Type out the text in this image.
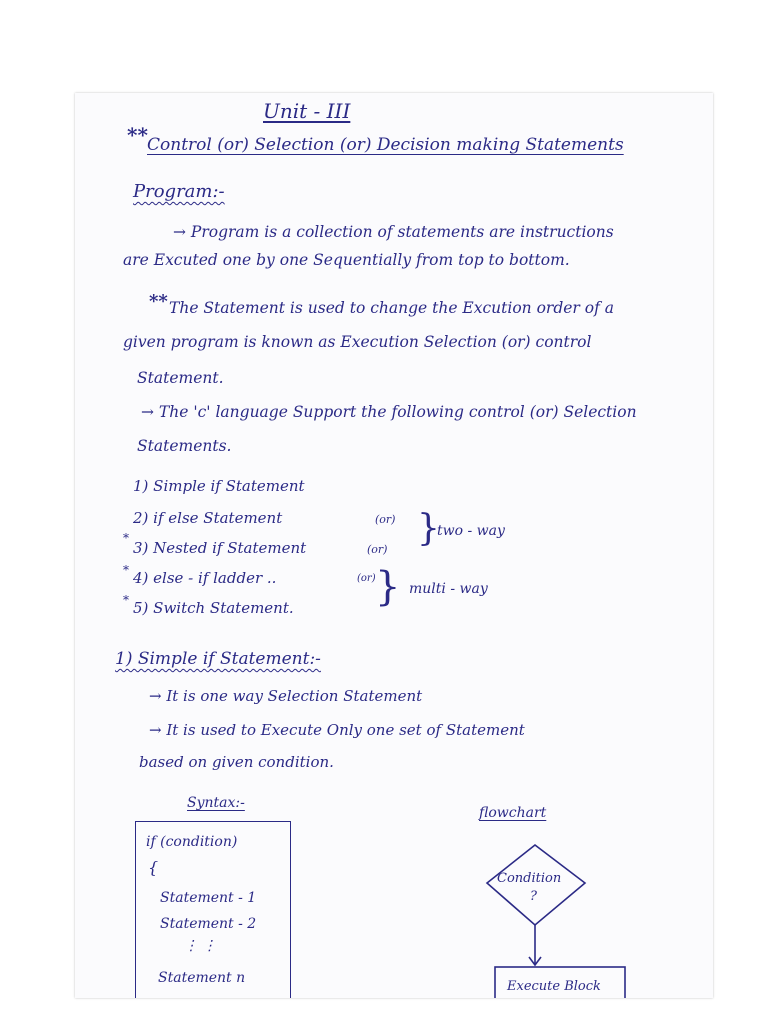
Unit - III
** Control (or) Selection (or) Decision making Statements
Program:-
→ Program is a collection of statements are instructions
are Excuted one by one Sequentially from top to bottom.
** The Statement is used to change the Excution order of a
given program is known as Execution Selection (or) control
Statement.
→ The 'c' language Support the following control (or) Selection
Statements.
1) Simple if Statement
2) if else Statement	(or)
*
3) Nested if Statement	(or)
}
two - way
* 4) else - if ladder ..	(or)
* 5) Switch Statement. } multi - way
1) Simple if Statement:-
→ It is one way Selection Statement
→ It is used to Execute Only one set of Statement
based on given condition.
Syntax:-
flowchart
if (condition)
{
Statement - 1
Statement - 2
⋮ ⋮
Statement n
Condition
?
Execute Block
